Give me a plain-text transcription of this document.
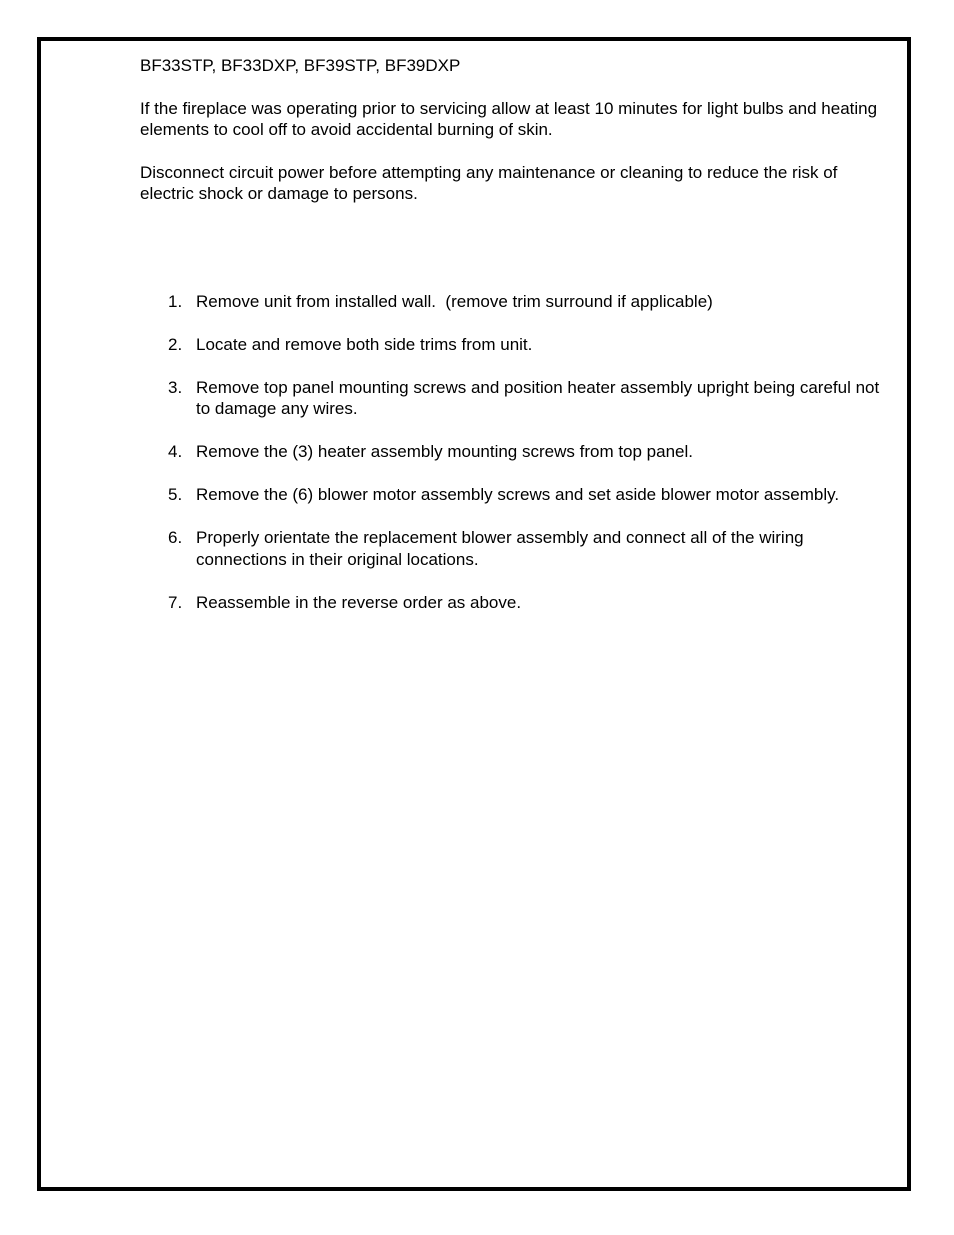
BF33STP, BF33DXP, BF39STP, BF39DXP

If the fireplace was operating prior to servicing allow at least 10 minutes for light bulbs and heating elements to cool off to avoid accidental burning of skin.

Disconnect circuit power before attempting any maintenance or cleaning to reduce the risk of electric shock or damage to persons.

1. Remove unit from installed wall.  (remove trim surround if applicable)
2. Locate and remove both side trims from unit.
3. Remove top panel mounting screws and position heater assembly upright being careful not to damage any wires.
4. Remove the (3) heater assembly mounting screws from top panel.
5. Remove the (6) blower motor assembly screws and set aside blower motor assembly.
6. Properly orientate the replacement blower assembly and connect all of the wiring connections in their original locations.
7. Reassemble in the reverse order as above.
